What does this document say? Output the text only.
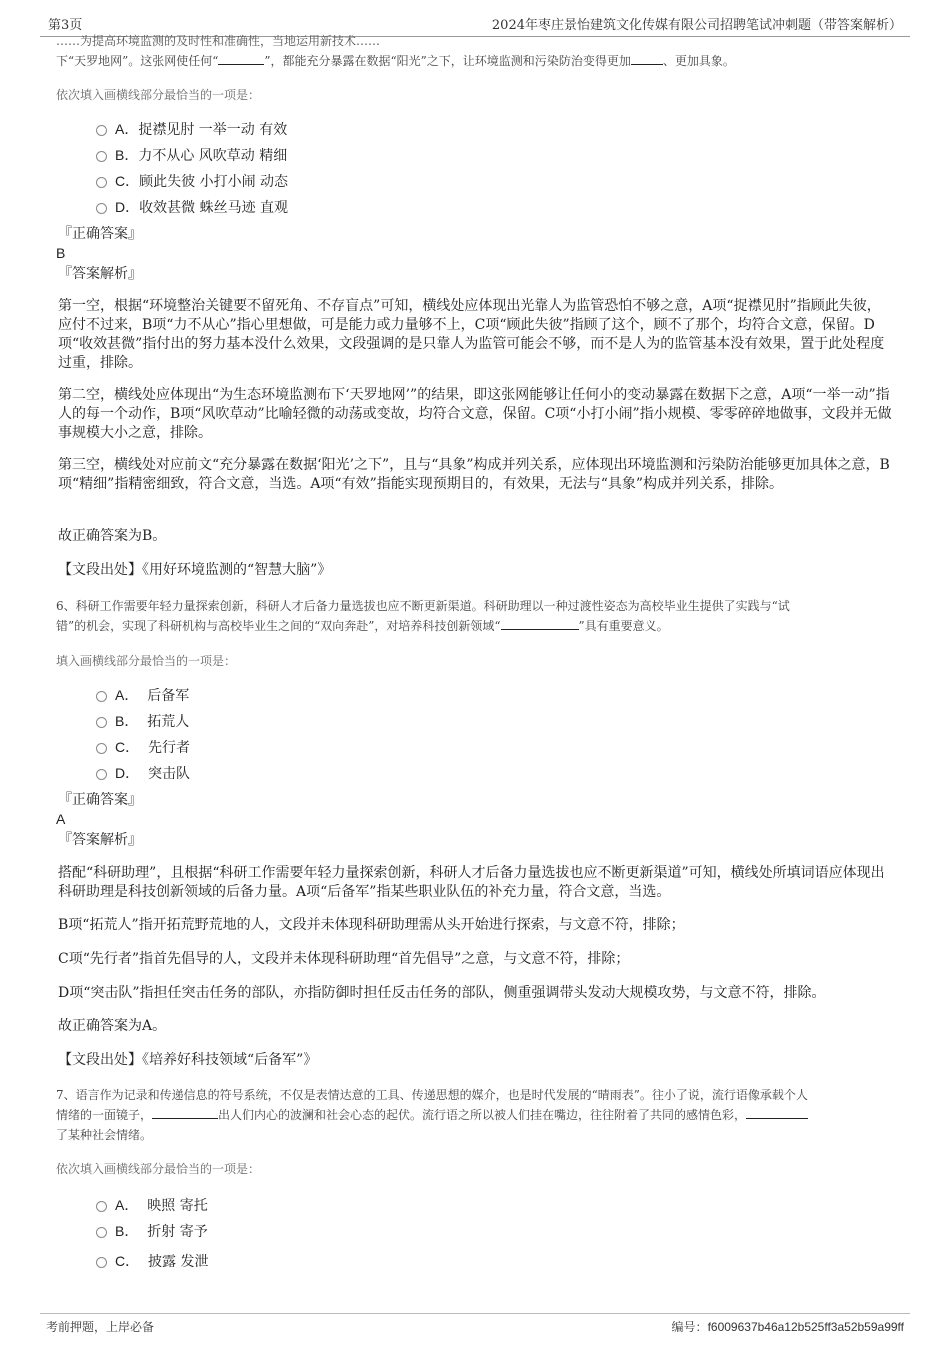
第3页	2024年枣庄景怡建筑文化传媒有限公司招聘笔试冲刺题（带答案解析）
……为提高环境监测的及时性和准确性，当地运用新技术……
下“天罗地网”。这张网使任何“	”，都能充分暴露在数据“阳光”之下，让环境监测和污染防治变得更加	、更加具象。
依次填入画横线部分最恰当的一项是：
A．捉襟见肘 一举一动 有效
B．力不从心 风吹草动 精细
C．顾此失彼 小打小闹 动态
D．收效甚微 蛛丝马迹 直观
『正确答案』
B
『答案解析』
第一空，根据“环境整治关键要不留死角、不存盲点”可知，横线处应体现出光靠人为监管恐怕不够之意，A项“捉襟见肘”指顾此失彼，应付不过来，B项“力不从心”指心里想做，可是能力或力量够不上，C项“顾此失彼”指顾了这个，顾不了那个，均符合文意，保留。D项“收效甚微”指付出的努力基本没什么效果，文段强调的是只靠人为监管可能会不够，而不是人为的监管基本没有效果，置于此处程度过重，排除。
第二空，横线处应体现出“为生态环境监测布下‘天罗地网’”的结果，即这张网能够让任何小的变动暴露在数据下之意，A项“一举一动”指人的每一个动作，B项“风吹草动”比喻轻微的动荡或变故，均符合文意，保留。C项“小打小闹”指小规模、零零碎碎地做事，文段并无做事规模大小之意，排除。
第三空，横线处对应前文“充分暴露在数据‘阳光’之下”，且与“具象”构成并列关系，应体现出环境监测和污染防治能够更加具体之意，B项“精细”指精密细致，符合文意，当选。A项“有效”指能实现预期目的，有效果，无法与“具象”构成并列关系，排除。
故正确答案为B。
【文段出处】《用好环境监测的“智慧大脑”》
6、科研工作需要年轻力量探索创新，科研人才后备力量选拔也应不断更新渠道。科研助理以一种过渡性姿态为高校毕业生提供了实践与“试
错”的机会，实现了科研机构与高校毕业生之间的“双向奔赴”，对培养科技创新领域“	”具有重要意义。
填入画横线部分最恰当的一项是：
A． 后备军
B． 拓荒人
C． 先行者
D． 突击队
『正确答案』
A
『答案解析』
搭配“科研助理”，且根据“科研工作需要年轻力量探索创新，科研人才后备力量选拔也应不断更新渠道”可知，横线处所填词语应体现出科研助理是科技创新领域的后备力量。A项“后备军”指某些职业队伍的补充力量，符合文意，当选。
B项“拓荒人”指开拓荒野荒地的人，文段并未体现科研助理需从头开始进行探索，与文意不符，排除；
C项“先行者”指首先倡导的人，文段并未体现科研助理“首先倡导”之意，与文意不符，排除；
D项“突击队”指担任突击任务的部队，亦指防御时担任反击任务的部队，侧重强调带头发动大规模攻势，与文意不符，排除。
故正确答案为A。
【文段出处】《培养好科技领域“后备军”》
7、语言作为记录和传递信息的符号系统，不仅是表情达意的工具、传递思想的媒介，也是时代发展的“晴雨表”。往小了说，流行语像承载个人
情绪的一面镜子，	出人们内心的波澜和社会心态的起伏。流行语之所以被人们挂在嘴边，往往附着了共同的感情色彩，
了某种社会情绪。
依次填入画横线部分最恰当的一项是：
A． 映照 寄托
B． 折射 寄予
C． 披露 发泄
考前押题，上岸必备	编号：f6009637b46a12b525ff3a52b59a99ff
